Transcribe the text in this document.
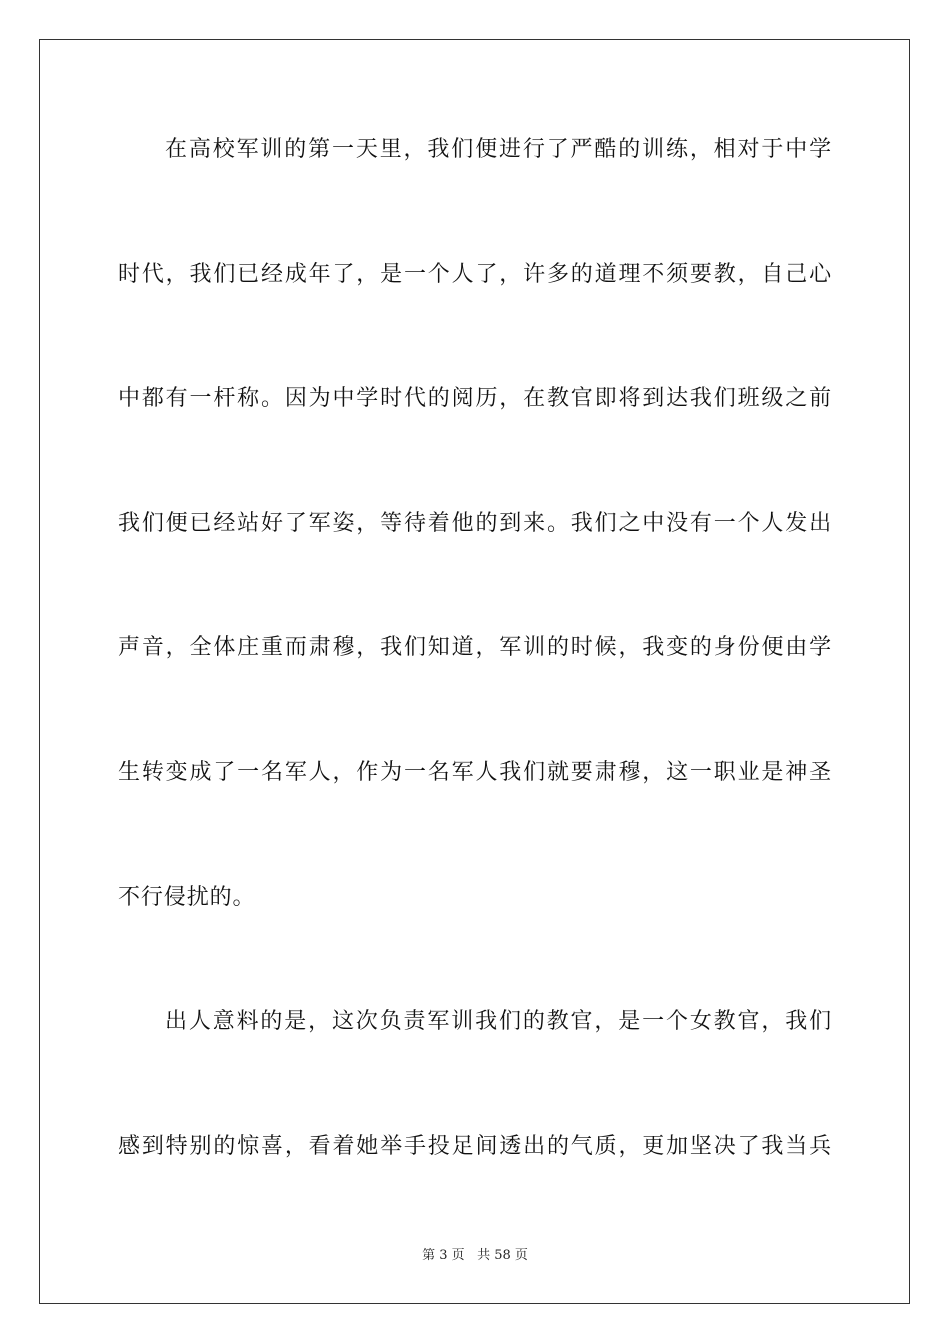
在高校军训的第一天里，我们便进行了严酷的训练，相对于中学
时代，我们已经成年了，是一个人了，许多的道理不须要教，自己心
中都有一杆称。因为中学时代的阅历，在教官即将到达我们班级之前
我们便已经站好了军姿，等待着他的到来。我们之中没有一个人发出
声音，全体庄重而肃穆，我们知道，军训的时候，我变的身份便由学
生转变成了一名军人，作为一名军人我们就要肃穆，这一职业是神圣
不行侵扰的。
出人意料的是，这次负责军训我们的教官，是一个女教官，我们
感到特别的惊喜，看着她举手投足间透出的气质，更加坚决了我当兵
第 3 页 共 58 页
